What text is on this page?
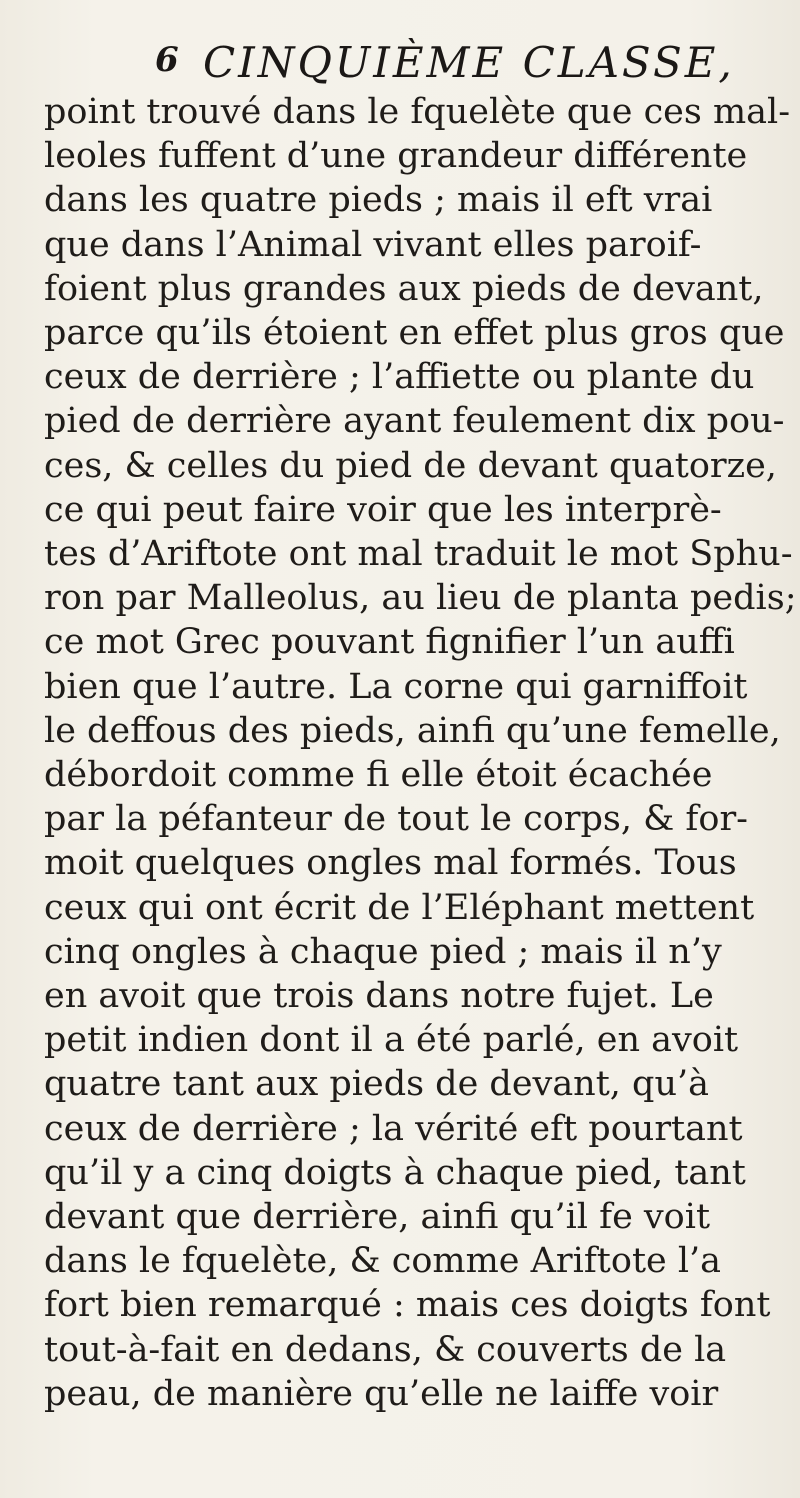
6 CINQUIÈME CLASSE,
point trouvé dans le fquelète que ces mal-
leoles fuffent d’une grandeur différente
dans les quatre pieds ; mais il eft vrai
que dans l’Animal vivant elles paroif-
foient plus grandes aux pieds de devant,
parce qu’ils étoient en effet plus gros que
ceux de derrière ; l’affiette ou plante du
pied de derrière ayant feulement dix pou-
ces, & celles du pied de devant quatorze,
ce qui peut faire voir que les interprè-
tes d’Ariftote ont mal traduit le mot Sphu-
ron par Malleolus, au lieu de planta pedis;
ce mot Grec pouvant fignifier l’un auffi
bien que l’autre. La corne qui garniffoit
le deffous des pieds, ainfi qu’une femelle,
débordoit comme fi elle étoit écachée
par la péfanteur de tout le corps, & for-
moit quelques ongles mal formés. Tous
ceux qui ont écrit de l’Eléphant mettent
cinq ongles à chaque pied ; mais il n’y
en avoit que trois dans notre fujet. Le
petit indien dont il a été parlé, en avoit
quatre tant aux pieds de devant, qu’à
ceux de derrière ; la vérité eft pourtant
qu’il y a cinq doigts à chaque pied, tant
devant que derrière, ainfi qu’il fe voit
dans le fquelète, & comme Ariftote l’a
fort bien remarqué : mais ces doigts font
tout-à-fait en dedans, & couverts de la
peau, de manière qu’elle ne laiffe voir
